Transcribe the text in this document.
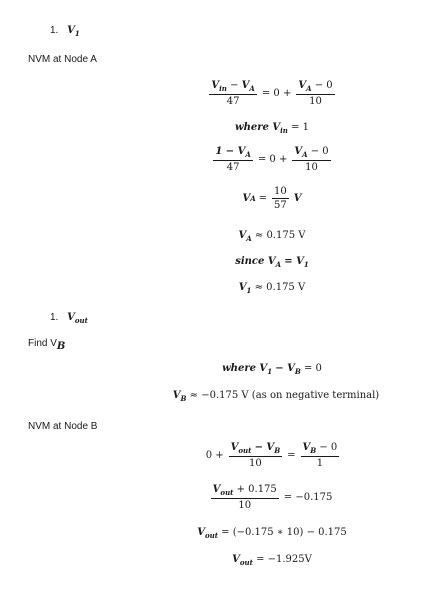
1. $V_1$
NVM at Node A
$\frac{V_{in} - V_A}{47} = 0 + \frac{V_A - 0}{10}$
where $V_{in} = 1$
$\frac{1 - V_A}{47} = 0 + \frac{V_A - 0}{10}$
V $A = \frac{10}{57}$ V
$V_A \approx 0.175$ V
since $V_A = V_1$
$V_1 \approx 0.175$ V
1. $V_{out}$
Find $V_B$
where $V_1 - V_B = 0$
$V_B \approx -0.175$ V (as on negative terminal)
NVM at Node B
$0 + \frac{V_{out} - V_B}{10} = \frac{V_B - 0}{1}$
$\frac{V_{out} + 0.175}{10} = -0.175$
$V_{out} = (-0.175$ ∗ 10) − 0.175
$V_{out} = -1.925V$
